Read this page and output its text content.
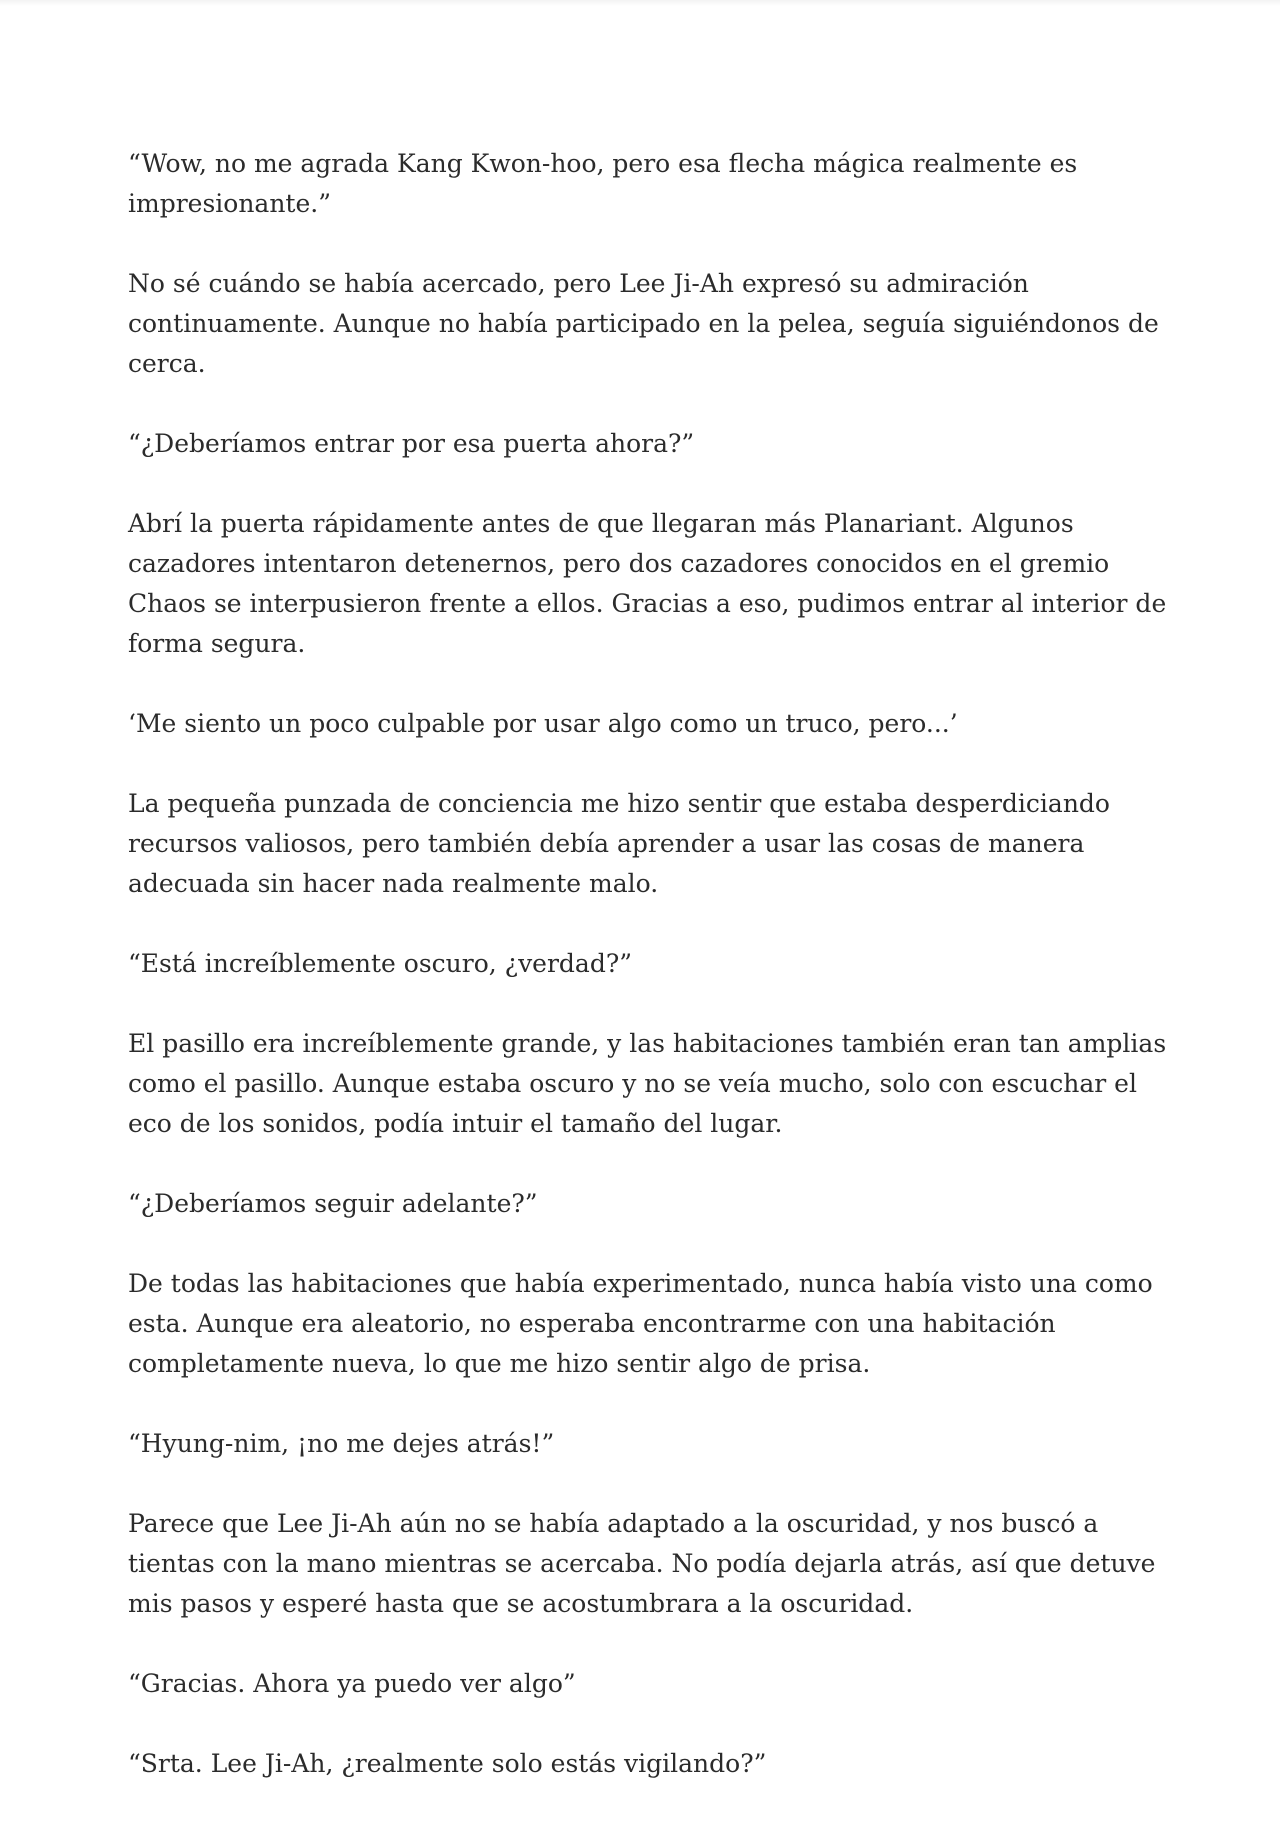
“Wow, no me agrada Kang Kwon-hoo, pero esa flecha mágica realmente es impresionante.”

No sé cuándo se había acercado, pero Lee Ji-Ah expresó su admiración continuamente. Aunque no había participado en la pelea, seguía siguiéndonos de cerca.

“¿Deberíamos entrar por esa puerta ahora?”

Abrí la puerta rápidamente antes de que llegaran más Planariant. Algunos cazadores intentaron detenernos, pero dos cazadores conocidos en el gremio Chaos se interpusieron frente a ellos. Gracias a eso, pudimos entrar al interior de forma segura.

‘Me siento un poco culpable por usar algo como un truco, pero...’

La pequeña punzada de conciencia me hizo sentir que estaba desperdiciando recursos valiosos, pero también debía aprender a usar las cosas de manera adecuada sin hacer nada realmente malo.

“Está increíblemente oscuro, ¿verdad?”

El pasillo era increíblemente grande, y las habitaciones también eran tan amplias como el pasillo. Aunque estaba oscuro y no se veía mucho, solo con escuchar el eco de los sonidos, podía intuir el tamaño del lugar.

“¿Deberíamos seguir adelante?”

De todas las habitaciones que había experimentado, nunca había visto una como esta. Aunque era aleatorio, no esperaba encontrarme con una habitación completamente nueva, lo que me hizo sentir algo de prisa.

“Hyung-nim, ¡no me dejes atrás!”

Parece que Lee Ji-Ah aún no se había adaptado a la oscuridad, y nos buscó a tientas con la mano mientras se acercaba. No podía dejarla atrás, así que detuve mis pasos y esperé hasta que se acostumbrara a la oscuridad.

“Gracias. Ahora ya puedo ver algo”

“Srta. Lee Ji-Ah, ¿realmente solo estás vigilando?”
